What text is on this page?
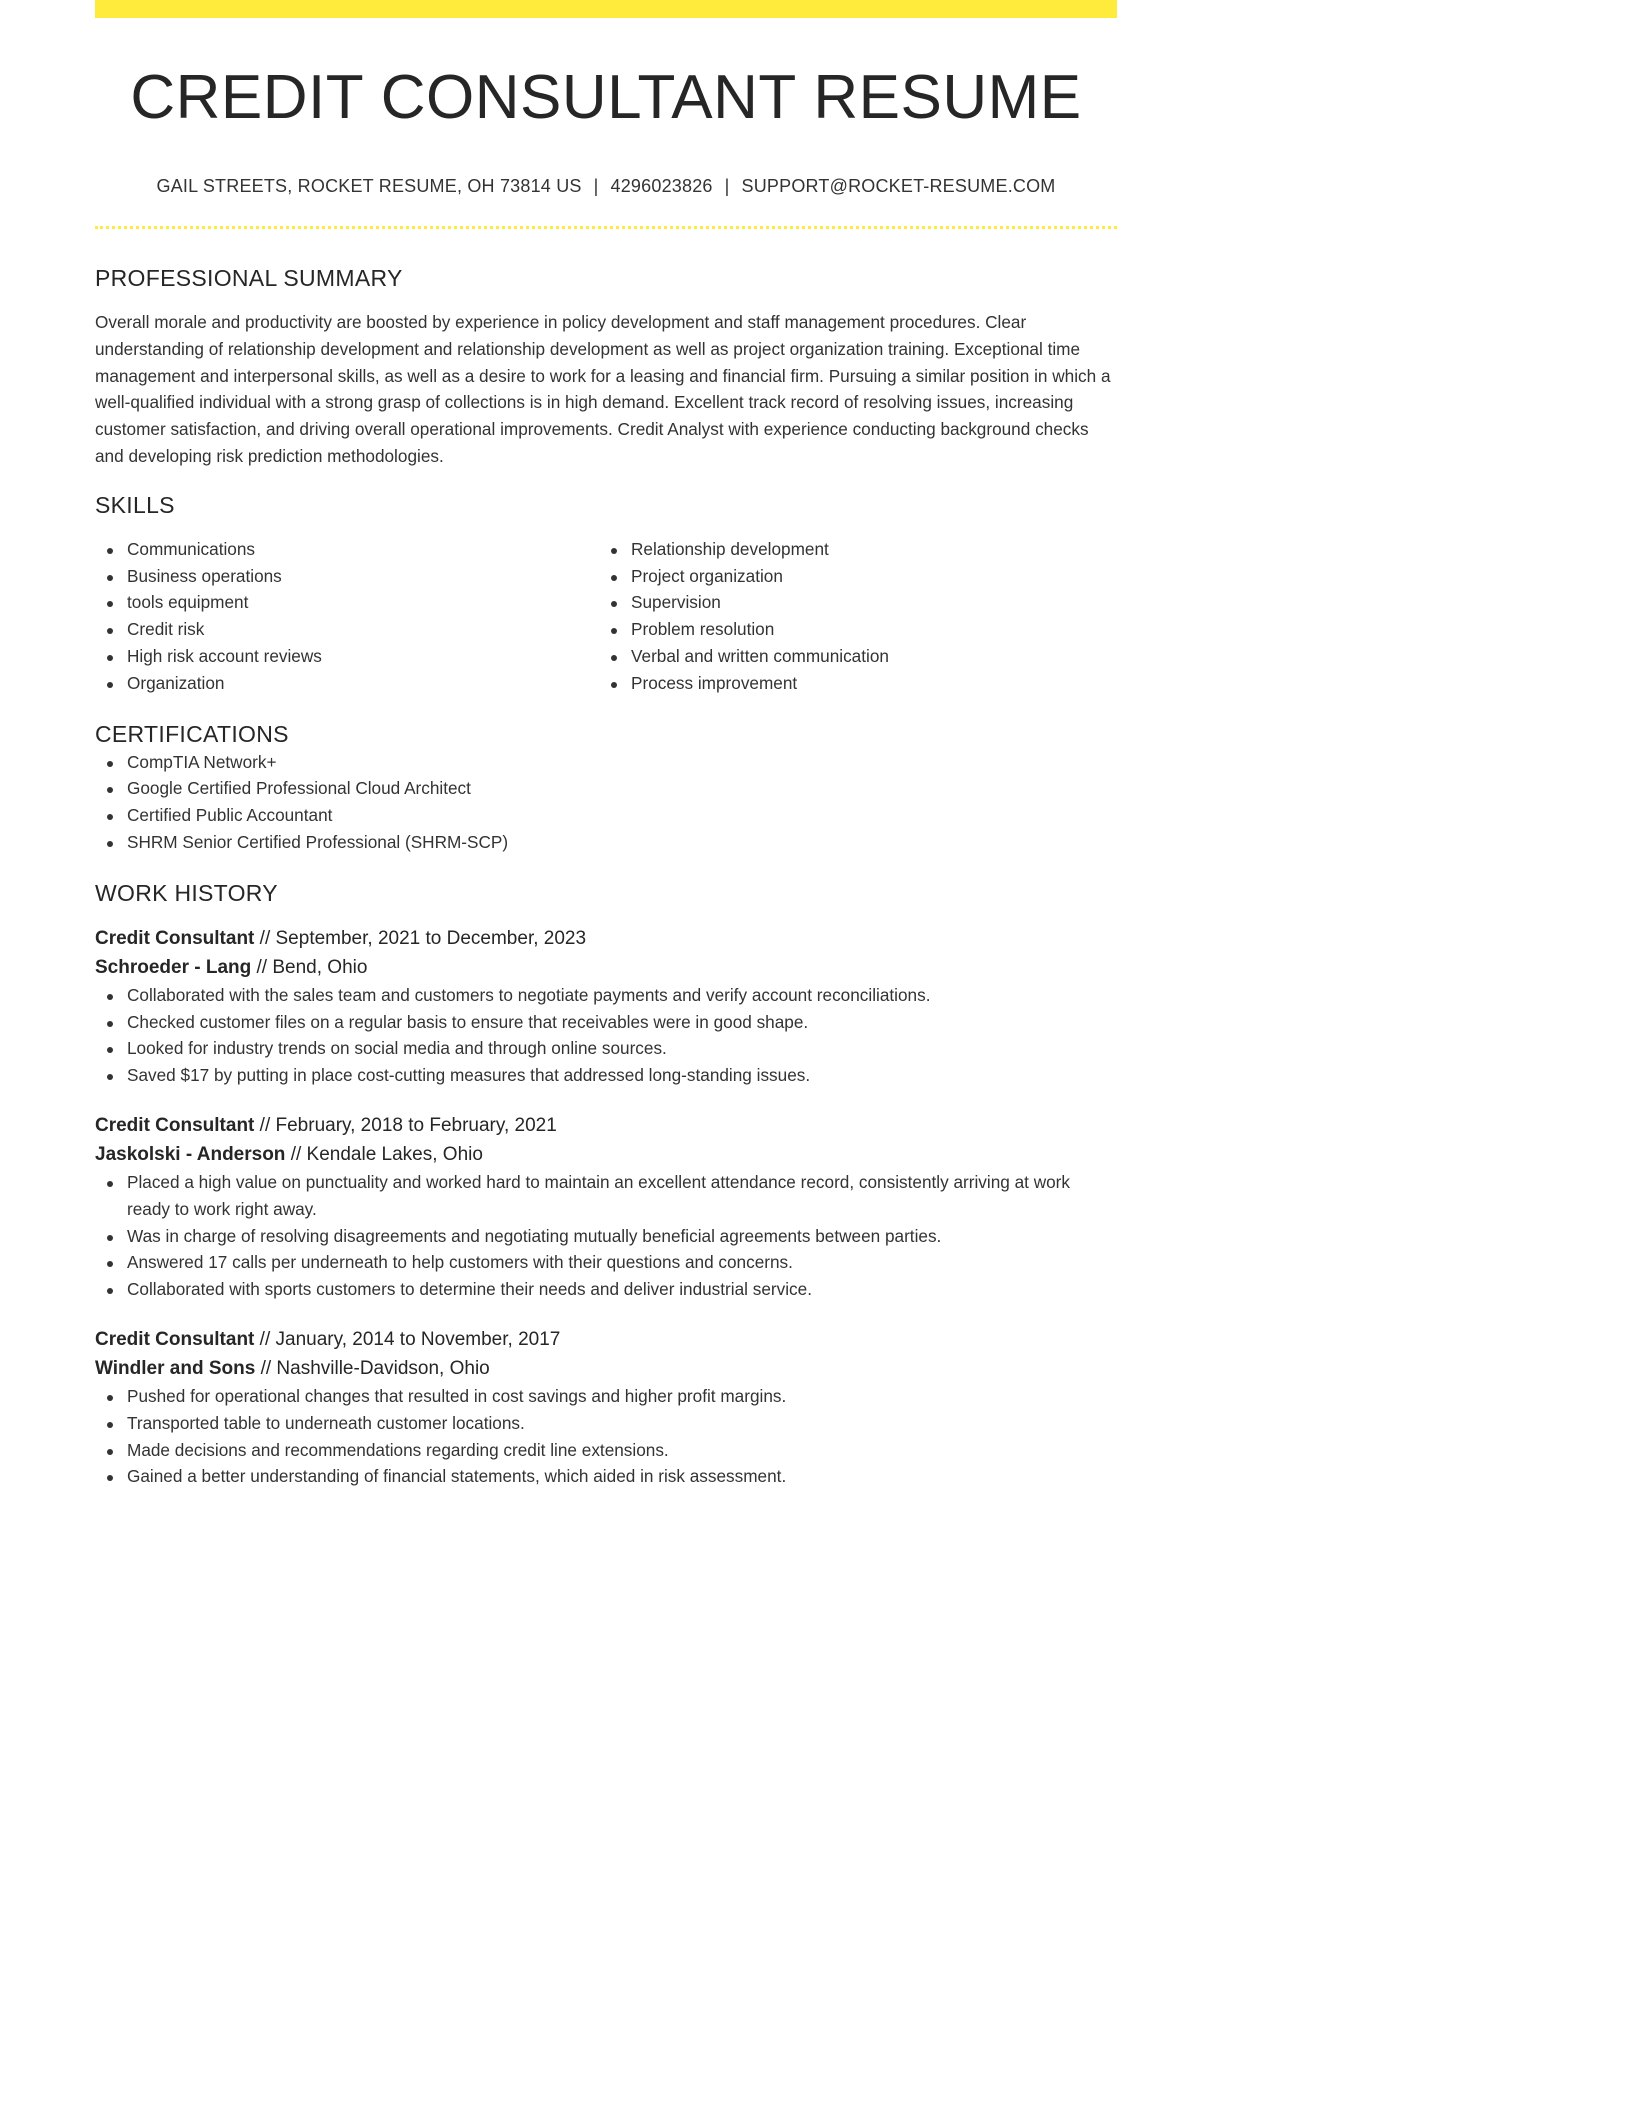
CREDIT CONSULTANT RESUME
GAIL STREETS, ROCKET RESUME, OH 73814 US | 4296023826 | SUPPORT@ROCKET-RESUME.COM
PROFESSIONAL SUMMARY
Overall morale and productivity are boosted by experience in policy development and staff management procedures. Clear understanding of relationship development and relationship development as well as project organization training. Exceptional time management and interpersonal skills, as well as a desire to work for a leasing and financial firm. Pursuing a similar position in which a well-qualified individual with a strong grasp of collections is in high demand. Excellent track record of resolving issues, increasing customer satisfaction, and driving overall operational improvements. Credit Analyst with experience conducting background checks and developing risk prediction methodologies.
SKILLS
Communications
Business operations
tools equipment
Credit risk
High risk account reviews
Organization
Relationship development
Project organization
Supervision
Problem resolution
Verbal and written communication
Process improvement
CERTIFICATIONS
CompTIA Network+
Google Certified Professional Cloud Architect
Certified Public Accountant
SHRM Senior Certified Professional (SHRM-SCP)
WORK HISTORY
Credit Consultant // September, 2021 to December, 2023
Schroeder - Lang // Bend, Ohio
Collaborated with the sales team and customers to negotiate payments and verify account reconciliations.
Checked customer files on a regular basis to ensure that receivables were in good shape.
Looked for industry trends on social media and through online sources.
Saved $17 by putting in place cost-cutting measures that addressed long-standing issues.
Credit Consultant // February, 2018 to February, 2021
Jaskolski - Anderson // Kendale Lakes, Ohio
Placed a high value on punctuality and worked hard to maintain an excellent attendance record, consistently arriving at work ready to work right away.
Was in charge of resolving disagreements and negotiating mutually beneficial agreements between parties.
Answered 17 calls per underneath to help customers with their questions and concerns.
Collaborated with sports customers to determine their needs and deliver industrial service.
Credit Consultant // January, 2014 to November, 2017
Windler and Sons // Nashville-Davidson, Ohio
Pushed for operational changes that resulted in cost savings and higher profit margins.
Transported table to underneath customer locations.
Made decisions and recommendations regarding credit line extensions.
Gained a better understanding of financial statements, which aided in risk assessment.
